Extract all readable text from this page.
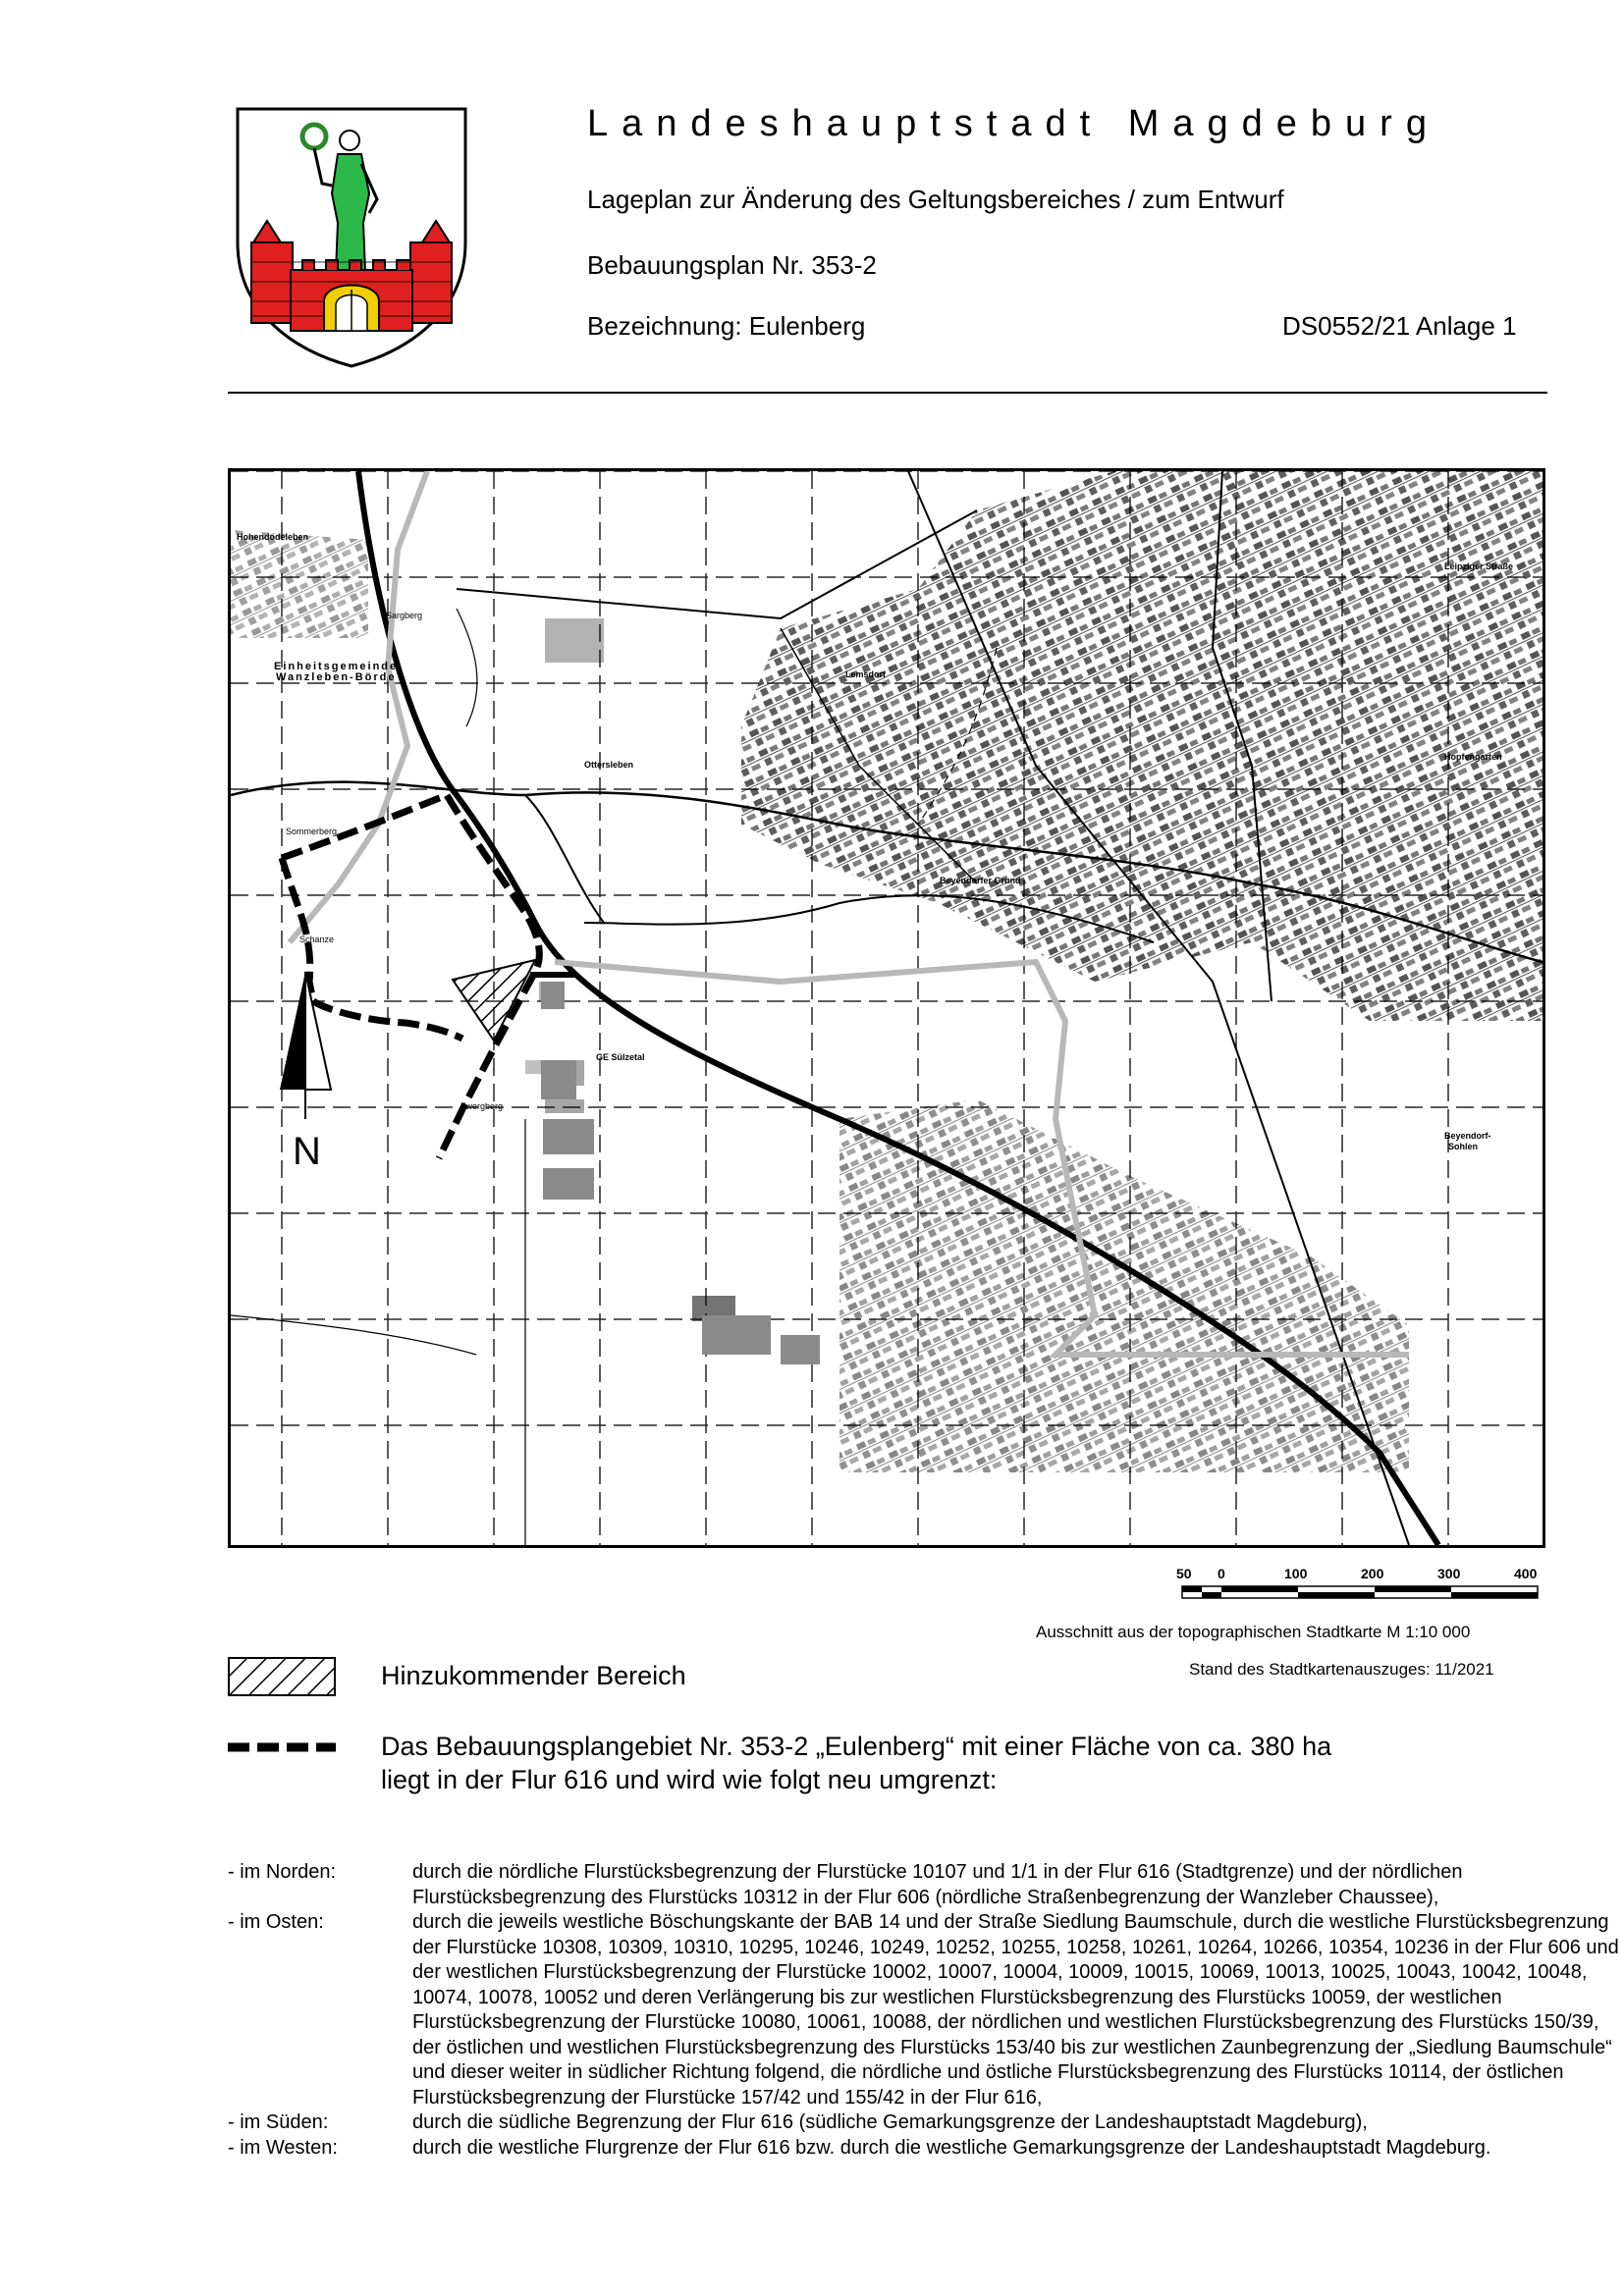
Landeshauptstadt Magdeburg
Lageplan zur Änderung des Geltungsbereiches / zum Entwurf
Bebauungsplan Nr. 353-2
Bezeichnung: Eulenberg	DS0552/21 Anlage 1
N
Hohendodeleben
Einheitsgemeinde
Wanzleben-Börde
Ottersleben
Lemsdorf
Leipziger Straße
Hopfengarten
Beyendorfer Grund
GE Sülzetal
Beyendorf-
Sohlen
Sommerberg
Schanze
Sargberg
Zwergberg
50 0	100	200	300	400
Ausschnitt aus der topographischen Stadtkarte M 1:10 000
Stand des Stadtkartenauszuges: 11/2021
Hinzukommender Bereich
Das Bebauungsplangebiet Nr. 353-2 „Eulenberg“ mit einer Fläche von ca. 380 ha
liegt in der Flur 616 und wird wie folgt neu umgrenzt:
- im Norden:	durch die nördliche Flurstücksbegrenzung der Flurstücke 10107 und 1/1 in der Flur 616 (Stadtgrenze) und der nördlichen Flurstücksbegrenzung des Flurstücks 10312 in der Flur 606 (nördliche Straßenbegrenzung der Wanzleber Chaussee),
- im Osten:	durch die jeweils westliche Böschungskante der BAB 14 und der Straße Siedlung Baumschule, durch die westliche Flurstücksbegrenzung der Flurstücke 10308, 10309, 10310, 10295, 10246, 10249, 10252, 10255, 10258, 10261, 10264, 10266, 10354, 10236 in der Flur 606 und der westlichen Flurstücksbegrenzung der Flurstücke 10002, 10007, 10004, 10009, 10015, 10069, 10013, 10025, 10043, 10042, 10048, 10074, 10078, 10052 und deren Verlängerung bis zur westlichen Flurstücksbegrenzung des Flurstücks 10059, der westlichen Flurstücksbegrenzung der Flurstücke 10080, 10061, 10088, der nördlichen und westlichen Flurstücksbegrenzung des Flurstücks 150/39, der östlichen und westlichen Flurstücksbegrenzung des Flurstücks 153/40 bis zur westlichen Zaunbegrenzung der „Siedlung Baumschule“ und dieser weiter in südlicher Richtung folgend, die nördliche und östliche Flurstücksbegrenzung des Flurstücks 10114, der östlichen Flurstücksbegrenzung der Flurstücke 157/42 und 155/42 in der Flur 616,
- im Süden:	durch die südliche Begrenzung der Flur 616 (südliche Gemarkungsgrenze der Landeshauptstadt Magdeburg),
- im Westen:	durch die westliche Flurgrenze der Flur 616 bzw. durch die westliche Gemarkungsgrenze der Landeshauptstadt Magdeburg.
